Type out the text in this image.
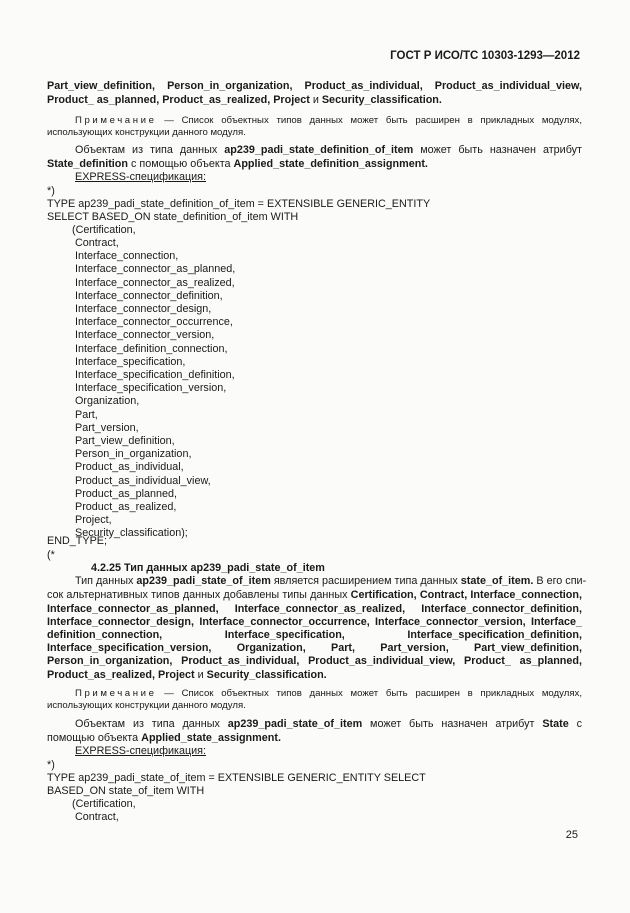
ГОСТ Р ИСО/ТС 10303-1293—2012
Part_view_definition, Person_in_organization, Product_as_individual, Product_as_individual_view,
Product_ as_planned, Product_as_realized, Project и Security_classification.
Примечание — Список объектных типов данных может быть расширен в прикладных модулях,
использующих конструкции данного модуля.
Объектам из типа данных ap239_padi_state_definition_of_item может быть назначен атрибут
State_definition с помощью объекта Applied_state_definition_assignment.
EXPRESS-спецификация:
*)
TYPE ap239_padi_state_definition_of_item = EXTENSIBLE GENERIC_ENTITY
SELECT BASED_ON state_definition_of_item WITH
(Certification,
Contract,
Interface_connection,
Interface_connector_as_planned,
Interface_connector_as_realized,
Interface_connector_definition,
Interface_connector_design,
Interface_connector_occurrence,
Interface_connector_version,
Interface_definition_connection,
Interface_specification,
Interface_specification_definition,
Interface_specification_version,
Organization,
Part,
Part_version,
Part_view_definition,
Person_in_organization,
Product_as_individual,
Product_as_individual_view,
Product_as_planned,
Product_as_realized,
Project,
Security_classification);
END_TYPE;
(*
4.2.25 Тип данных ap239_padi_state_of_item
Тип данных ap239_padi_state_of_item является расширением типа данных state_of_item. В его спи-
сок альтернативных типов данных добавлены типы данных Certification, Contract, Interface_connection,
Interface_connector_as_planned, Interface_connector_as_realized, Interface_connector_definition,
Interface_connector_design, Interface_connector_occurrence, Interface_connector_version, Interface_
definition_connection, Interface_specification, Interface_specification_definition,
Interface_specification_version, Organization, Part, Part_version, Part_view_definition,
Person_in_organization, Product_as_individual, Product_as_individual_view, Product_ as_planned,
Product_as_realized, Project и Security_classification.
Примечание — Список объектных типов данных может быть расширен в прикладных модулях,
использующих конструкции данного модуля.
Объектам из типа данных ap239_padi_state_of_item может быть назначен атрибут State с
помощью объекта Applied_state_assignment.
EXPRESS-спецификация:
*)
TYPE ap239_padi_state_of_item = EXTENSIBLE GENERIC_ENTITY SELECT
BASED_ON state_of_item WITH
(Certification,
Contract,
25
